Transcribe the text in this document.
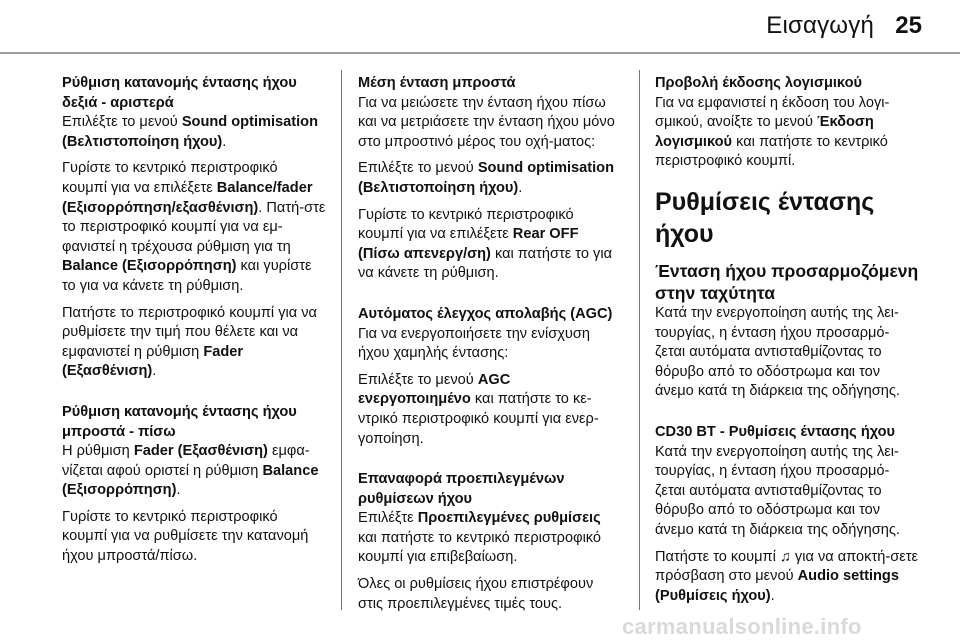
Εισαγωγή 25
Ρύθμιση κατανομής έντασης ήχου δεξιά - αριστερά

Επιλέξτε το μενού Sound optimisation (Βελτιστοποίηση ήχου).

Γυρίστε το κεντρικό περιστροφικό κουμπί για να επιλέξετε Balance/fader (Εξισορρόπηση/εξασθένιση). Πατή-στε το περιστροφικό κουμπί για να εμ-φανιστεί η τρέχουσα ρύθμιση για τη Balance (Εξισορρόπηση) και γυρίστε το για να κάνετε τη ρύθμιση.

Πατήστε το περιστροφικό κουμπί για να ρυθμίσετε την τιμή που θέλετε και να εμφανιστεί η ρύθμιση Fader (Εξασθένιση).

Ρύθμιση κατανομής έντασης ήχου μπροστά - πίσω

Η ρύθμιση Fader (Εξασθένιση) εμφα-νίζεται αφού οριστεί η ρύθμιση Balance (Εξισορρόπηση).

Γυρίστε το κεντρικό περιστροφικό κουμπί για να ρυθμίσετε την κατανομή ήχου μπροστά/πίσω.

Μέση ένταση μπροστά

Για να μειώσετε την ένταση ήχου πίσω και να μετριάσετε την ένταση ήχου μόνο στο μπροστινό μέρος του οχή-ματος:

Επιλέξτε το μενού Sound optimisation (Βελτιστοποίηση ήχου).

Γυρίστε το κεντρικό περιστροφικό κουμπί για να επιλέξετε Rear OFF (Πίσω απενεργ/ση) και πατήστε το για να κάνετε τη ρύθμιση.

Αυτόματος έλεγχος απολαβής (AGC)

Για να ενεργοποιήσετε την ενίσχυση ήχου χαμηλής έντασης:

Επιλέξτε το μενού AGC ενεργοποιημένο και πατήστε το κε-ντρικό περιστροφικό κουμπί για ενερ-γοποίηση.

Επαναφορά προεπιλεγμένων ρυθμίσεων ήχου

Επιλέξτε Προεπιλεγμένες ρυθμίσεις και πατήστε το κεντρικό περιστροφικό κουμπί για επιβεβαίωση.

Όλες οι ρυθμίσεις ήχου επιστρέφουν στις προεπιλεγμένες τιμές τους.

Προβολή έκδοσης λογισμικού

Για να εμφανιστεί η έκδοση του λογι-σμικού, ανοίξτε το μενού Έκδοση λογισμικού και πατήστε το κεντρικό περιστροφικό κουμπί.

Ρυθμίσεις έντασης ήχου
Ένταση ήχου προσαρμοζόμενη στην ταχύτητα

Κατά την ενεργοποίηση αυτής της λει-τουργίας, η ένταση ήχου προσαρμό-ζεται αυτόματα αντισταθμίζοντας το θόρυβο από το οδόστρωμα και τον άνεμο κατά τη διάρκεια της οδήγησης.

CD30 BT - Ρυθμίσεις έντασης ήχου

Κατά την ενεργοποίηση αυτής της λει-τουργίας, η ένταση ήχου προσαρμό-ζεται αυτόματα αντισταθμίζοντας το θόρυβο από το οδόστρωμα και τον άνεμο κατά τη διάρκεια της οδήγησης.

Πατήστε το κουμπί ♫ για να αποκτή-σετε πρόσβαση στο μενού Audio settings (Ρυθμίσεις ήχου).

carmanualsonline.info
